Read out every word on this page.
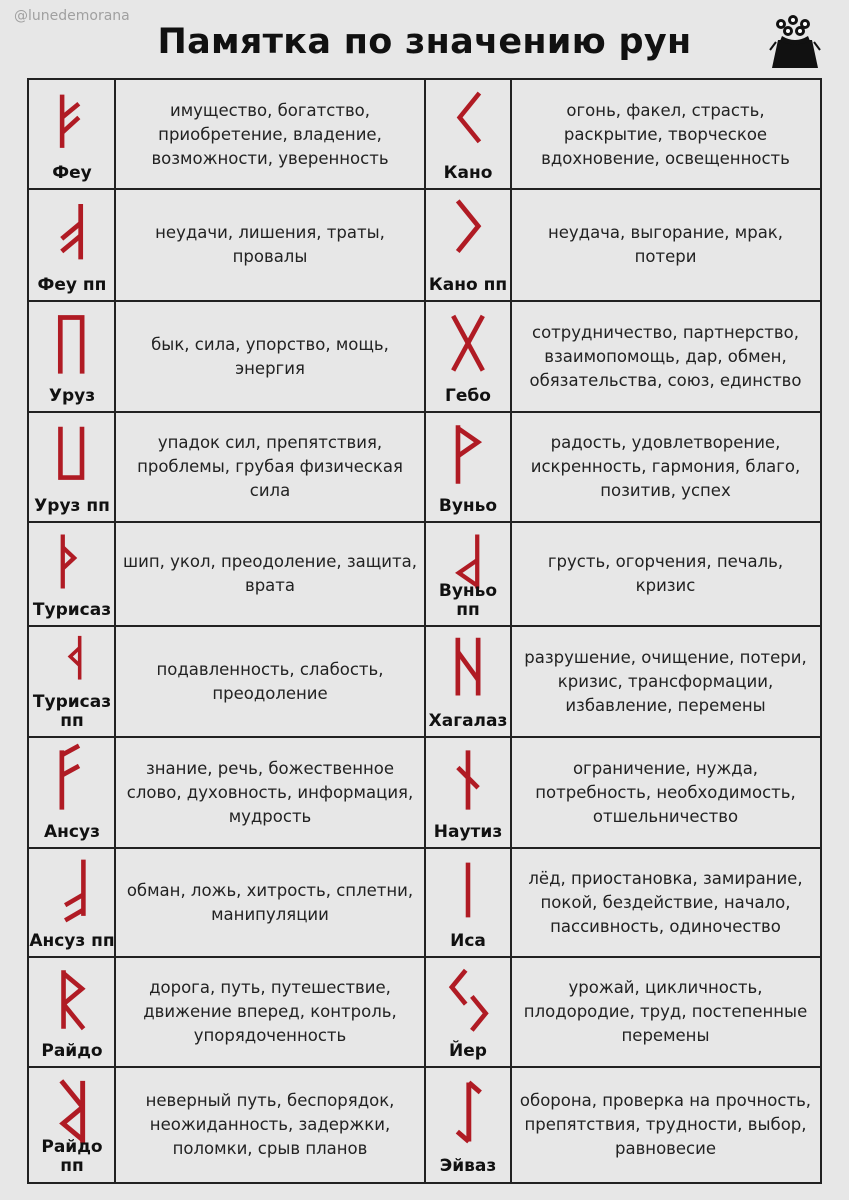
@lunedemorana
Памятка по значению рун
Феу
имущество, богатство, приобретение, владение, возможности, уверенность
Кано
огонь, факел, страсть, раскрытие, творческое вдохновение, освещенность
Феу пп
неудачи, лишения, траты, провалы
Кано пп
неудача, выгорание, мрак, потери
Уруз
бык, сила, упорство, мощь, энергия
Гебо
сотрудничество, партнерство, взаимопомощь, дар, обмен, обязательства, союз, единство
Уруз пп
упадок сил, препятствия, проблемы, грубая физическая сила
Вуньо
радость, удовлетворение, искренность, гармония, благо, позитив, успех
Турисаз
шип, укол, преодоление, защита, врата	Вуньо пп
грусть, огорчения, печаль, кризис
Турисаз пп
подавленность, слабость, преодоление
Хагалаз
разрушение, очищение, потери, кризис, трансформации, избавление, перемены
Ансуз
знание, речь, божественное слово, духовность, информация, мудрость
Наутиз
ограничение, нужда, потребность, необходимость, отшельничество
Ансуз пп
обман, ложь, хитрость, сплетни, манипуляции
Иса
лёд, приостановка, замирание, покой, бездействие, начало, пассивность, одиночество
Райдо
дорога, путь, путешествие, движение вперед, контроль, упорядоченность
Йер
урожай, цикличность, плодородие, труд, постепенные перемены
Райдо пп
неверный путь, беспорядок, неожиданность, задержки, поломки, срыв планов
Эйваз
оборона, проверка на прочность, препятствия, трудности, выбор, равновесие
